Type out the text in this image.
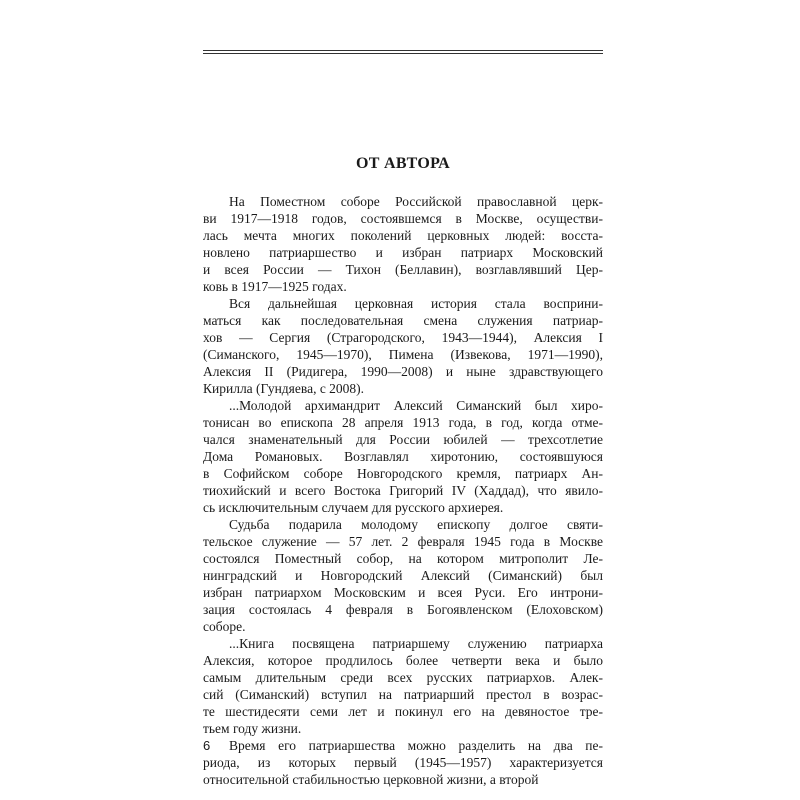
ОТ АВТОРА

На Поместном соборе Российской православной церк-
ви 1917—1918 годов, состоявшемся в Москве, осуществи-
лась мечта многих поколений церковных людей: восста-
новлено патриаршество и избран патриарх Московский
и всея России — Тихон (Беллавин), возглавлявший Цер-
ковь в 1917—1925 годах.

Вся дальнейшая церковная история стала восприни-
маться как последовательная смена служения патриар-
хов — Сергия (Страгородского, 1943—1944), Алексия I
(Симанского, 1945—1970), Пимена (Извекова, 1971—1990),
Алексия II (Ридигера, 1990—2008) и ныне здравствующего
Кирилла (Гундяева, с 2008).

...Молодой архимандрит Алексий Симанский был хиро-
тонисан во епископа 28 апреля 1913 года, в год, когда отме-
чался знаменательный для России юбилей — трехсотлетие
Дома Романовых. Возглавлял хиротонию, состоявшуюся
в Софийском соборе Новгородского кремля, патриарх Ан-
тиохийский и всего Востока Григорий IV (Хаддад), что явило-
сь исключительным случаем для русского архиерея.

Судьба подарила молодому епископу долгое святи-
тельское служение — 57 лет. 2 февраля 1945 года в Москве
состоялся Поместный собор, на котором митрополит Ле-
нинградский и Новгородский Алексий (Симанский) был
избран патриархом Московским и всея Руси. Его интрони-
зация состоялась 4 февраля в Богоявленском (Елоховском)
соборе.

...Книга посвящена патриаршему служению патриарха
Алексия, которое продлилось более четверти века и было
самым длительным среди всех русских патриархов. Алек-
сий (Симанский) вступил на патриарший престол в возрас-
те шестидесяти семи лет и покинул его на девяностое тре-
тьем году жизни.

Время его патриаршества можно разделить на два пе-
риода, из которых первый (1945—1957) характеризуется
относительной стабильностью церковной жизни, а второй

6
